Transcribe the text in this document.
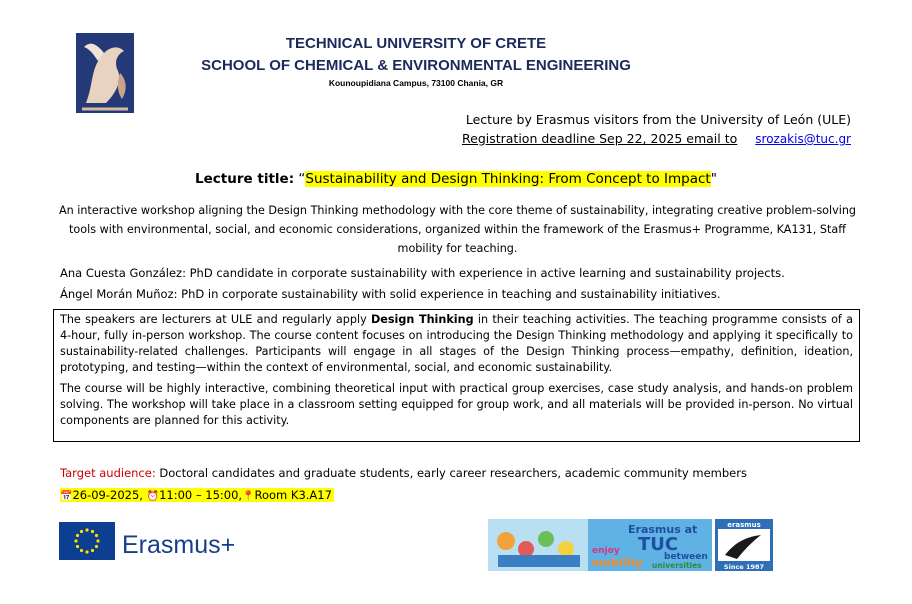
TECHNICAL UNIVERSITY OF CRETE
SCHOOL OF CHEMICAL & ENVIRONMENTAL ENGINEERING
Kounoupidiana Campus, 73100 Chania, GR
Lecture by Erasmus visitors from the University of León (ULE)
Registration deadline Sep 22, 2025 email to srozakis@tuc.gr
Lecture title: “Sustainability and Design Thinking: From Concept to Impact"
An interactive workshop aligning the Design Thinking methodology with the core theme of sustainability, integrating creative problem-solving tools with environmental, social, and economic considerations, organized within the framework of the Erasmus+ Programme, KA131, Staff mobility for teaching.
Ana Cuesta González: PhD candidate in corporate sustainability with experience in active learning and sustainability projects.
Ángel Morán Muñoz: PhD in corporate sustainability with solid experience in teaching and sustainability initiatives.

The speakers are lecturers at ULE and regularly apply Design Thinking in their teaching activities. The teaching programme consists of a 4-hour, fully in-person workshop. The course content focuses on introducing the Design Thinking methodology and applying it specifically to sustainability-related challenges. Participants will engage in all stages of the Design Thinking process—empathy, definition, ideation, prototyping, and testing—within the context of environmental, social, and economic sustainability.

The course will be highly interactive, combining theoretical input with practical group exercises, case study analysis, and hands-on problem solving. The workshop will take place in a classroom setting equipped for group work, and all materials will be provided in-person. No virtual components are planned for this activity.

Target audience: Doctoral candidates and graduate students, early career researchers, academic community members
📅26-09-2025, ⏰11:00 – 15:00,📍Room K3.A17
Erasmus+
Erasmus at
TUC
enjoy
mobility between
universities
erasmus
Since 1987
